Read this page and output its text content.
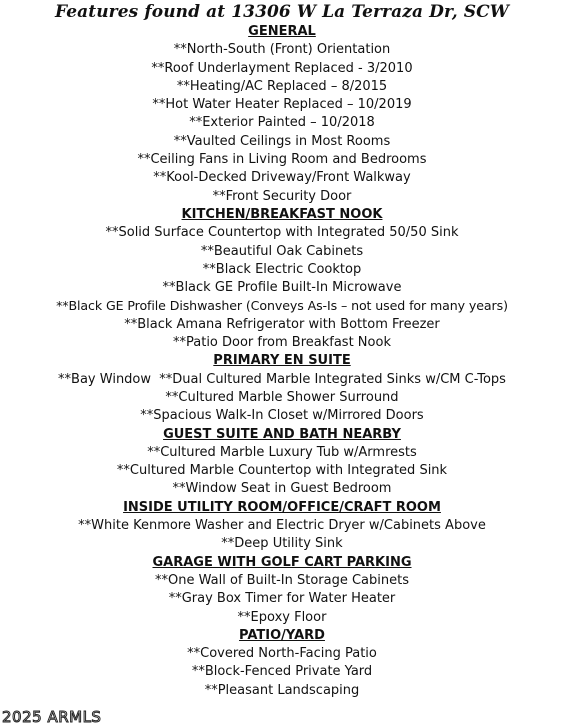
Features found at 13306 W La Terraza Dr, SCW
GENERAL
**North-South (Front) Orientation
**Roof Underlayment Replaced - 3/2010
**Heating/AC Replaced – 8/2015
**Hot Water Heater Replaced – 10/2019
**Exterior Painted – 10/2018
**Vaulted Ceilings in Most Rooms
**Ceiling Fans in Living Room and Bedrooms
**Kool-Decked Driveway/Front Walkway
**Front Security Door
KITCHEN/BREAKFAST NOOK
**Solid Surface Countertop with Integrated 50/50 Sink
**Beautiful Oak Cabinets
**Black Electric Cooktop
**Black GE Profile Built-In Microwave
**Black GE Profile Dishwasher (Conveys As-Is – not used for many years)
**Black Amana Refrigerator with Bottom Freezer
**Patio Door from Breakfast Nook
PRIMARY EN SUITE
**Bay Window  **Dual Cultured Marble Integrated Sinks w/CM C-Tops
**Cultured Marble Shower Surround
**Spacious Walk-In Closet w/Mirrored Doors
GUEST SUITE AND BATH NEARBY
**Cultured Marble Luxury Tub w/Armrests
**Cultured Marble Countertop with Integrated Sink
**Window Seat in Guest Bedroom
INSIDE UTILITY ROOM/OFFICE/CRAFT ROOM
**White Kenmore Washer and Electric Dryer w/Cabinets Above
**Deep Utility Sink
GARAGE WITH GOLF CART PARKING
**One Wall of Built-In Storage Cabinets
**Gray Box Timer for Water Heater
**Epoxy Floor
PATIO/YARD
**Covered North-Facing Patio
**Block-Fenced Private Yard
**Pleasant Landscaping
2025 ARMLS
